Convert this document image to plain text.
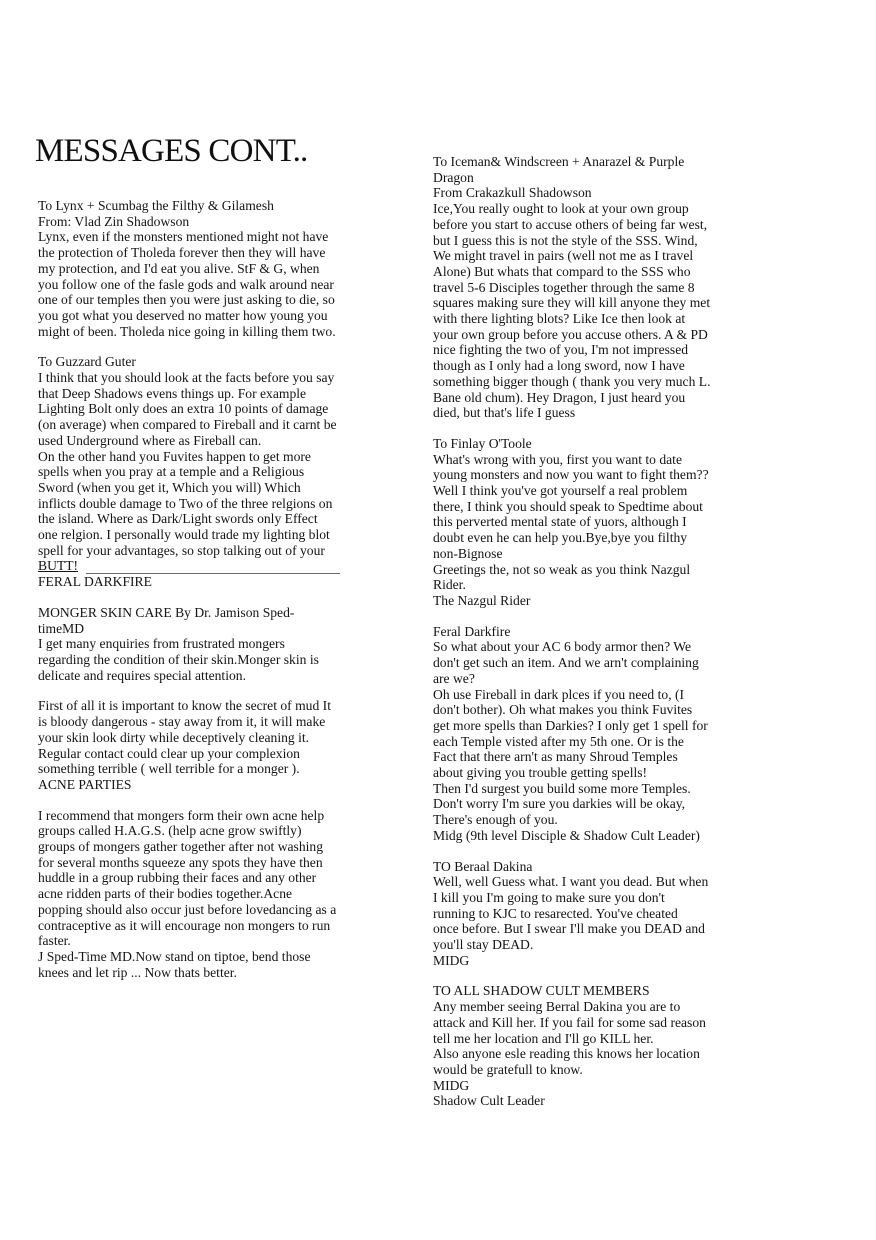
MESSAGES CONT..
To Lynx + Scumbag the Filthy & Gilamesh
From: Vlad Zin Shadowson
Lynx, even if the monsters mentioned might not have
the protection of Tholeda forever then they will have
my protection, and I'd eat you alive. StF & G, when
you follow one of the fasle gods and walk around near
one of our temples then you were just asking to die, so
you got what you deserved no matter how young you
might of been. Tholeda nice going in killing them two.
To Guzzard Guter
I think that you should look at the facts before you say
that Deep Shadows evens things up. For example
Lighting Bolt only does an extra 10 points of damage
(on average) when compared to Fireball and it carnt be
used Underground where as Fireball can.
On the other hand you Fuvites happen to get more
spells when you pray at a temple and a Religious
Sword (when you get it, Which you will) Which
inflicts double damage to Two of the three relgions on
the island. Where as Dark/Light swords only Effect
one relgion. I personally would trade my lighting blot
spell for your advantages, so stop talking out of your
BUTT!
FERAL DARKFIRE
MONGER SKIN CARE By Dr. Jamison Sped-
timeMD
I get many enquiries from frustrated mongers
regarding the condition of their skin.Monger skin is
delicate and requires special attention.
First of all it is important to know the secret of mud It
is bloody dangerous - stay away from it, it will make
your skin look dirty while deceptively cleaning it.
Regular contact could clear up your complexion
something terrible ( well terrible for a monger ).
ACNE PARTIES
I recommend that mongers form their own acne help
groups called H.A.G.S. (help acne grow swiftly)
groups of mongers gather together after not washing
for several months squeeze any spots they have then
huddle in a group rubbing their faces and any other
acne ridden parts of their bodies together.Acne
popping should also occur just before lovedancing as a
contraceptive as it will encourage non mongers to run
faster.
J Sped-Time MD.Now stand on tiptoe, bend those
knees and let rip ... Now thats better.
To Iceman& Windscreen + Anarazel & Purple
Dragon
From Crakazkull Shadowson
Ice,You really ought to look at your own group
before you start to accuse others of being far west,
but I guess this is not the style of the SSS. Wind,
We might travel in pairs (well not me as I travel
Alone) But whats that compard to the SSS who
travel 5-6 Disciples together through the same 8
squares making sure they will kill anyone they met
with there lighting blots? Like Ice then look at
your own group before you accuse others. A & PD
nice fighting the two of you, I'm not impressed
though as I only had a long sword, now I have
something bigger though ( thank you very much L.
Bane old chum). Hey Dragon, I just heard you
died, but that's life I guess
To Finlay O'Toole
What's wrong with you, first you want to date
young monsters and now you want to fight them??
Well I think you've got yourself a real problem
there, I think you should speak to Spedtime about
this perverted mental state of yuors, although I
doubt even he can help you.Bye,bye you filthy
non-Bignose
Greetings the, not so weak as you think Nazgul
Rider.
The Nazgul Rider
Feral Darkfire
So what about your AC 6 body armor then? We
don't get such an item. And we arn't complaining
are we?
Oh use Fireball in dark plces if you need to, (I
don't bother). Oh what makes you think Fuvites
get more spells than Darkies? I only get 1 spell for
each Temple visted after my 5th one. Or is the
Fact that there arn't as many Shroud Temples
about giving you trouble getting spells!
Then I'd surgest you build some more Temples.
Don't worry I'm sure you darkies will be okay,
There's enough of you.
Midg (9th level Disciple & Shadow Cult Leader)
TO Beraal Dakina
Well, well Guess what. I want you dead. But when
I kill you I'm going to make sure you don't
running to KJC to resarected. You've cheated
once before. But I swear I'll make you DEAD and
you'll stay DEAD.
MIDG
TO ALL SHADOW CULT MEMBERS
Any member seeing Berral Dakina you are to
attack and Kill her. If you fail for some sad reason
tell me her location and I'll go KILL her.
Also anyone esle reading this knows her location
would be gratefull to know.
MIDG
Shadow Cult Leader
